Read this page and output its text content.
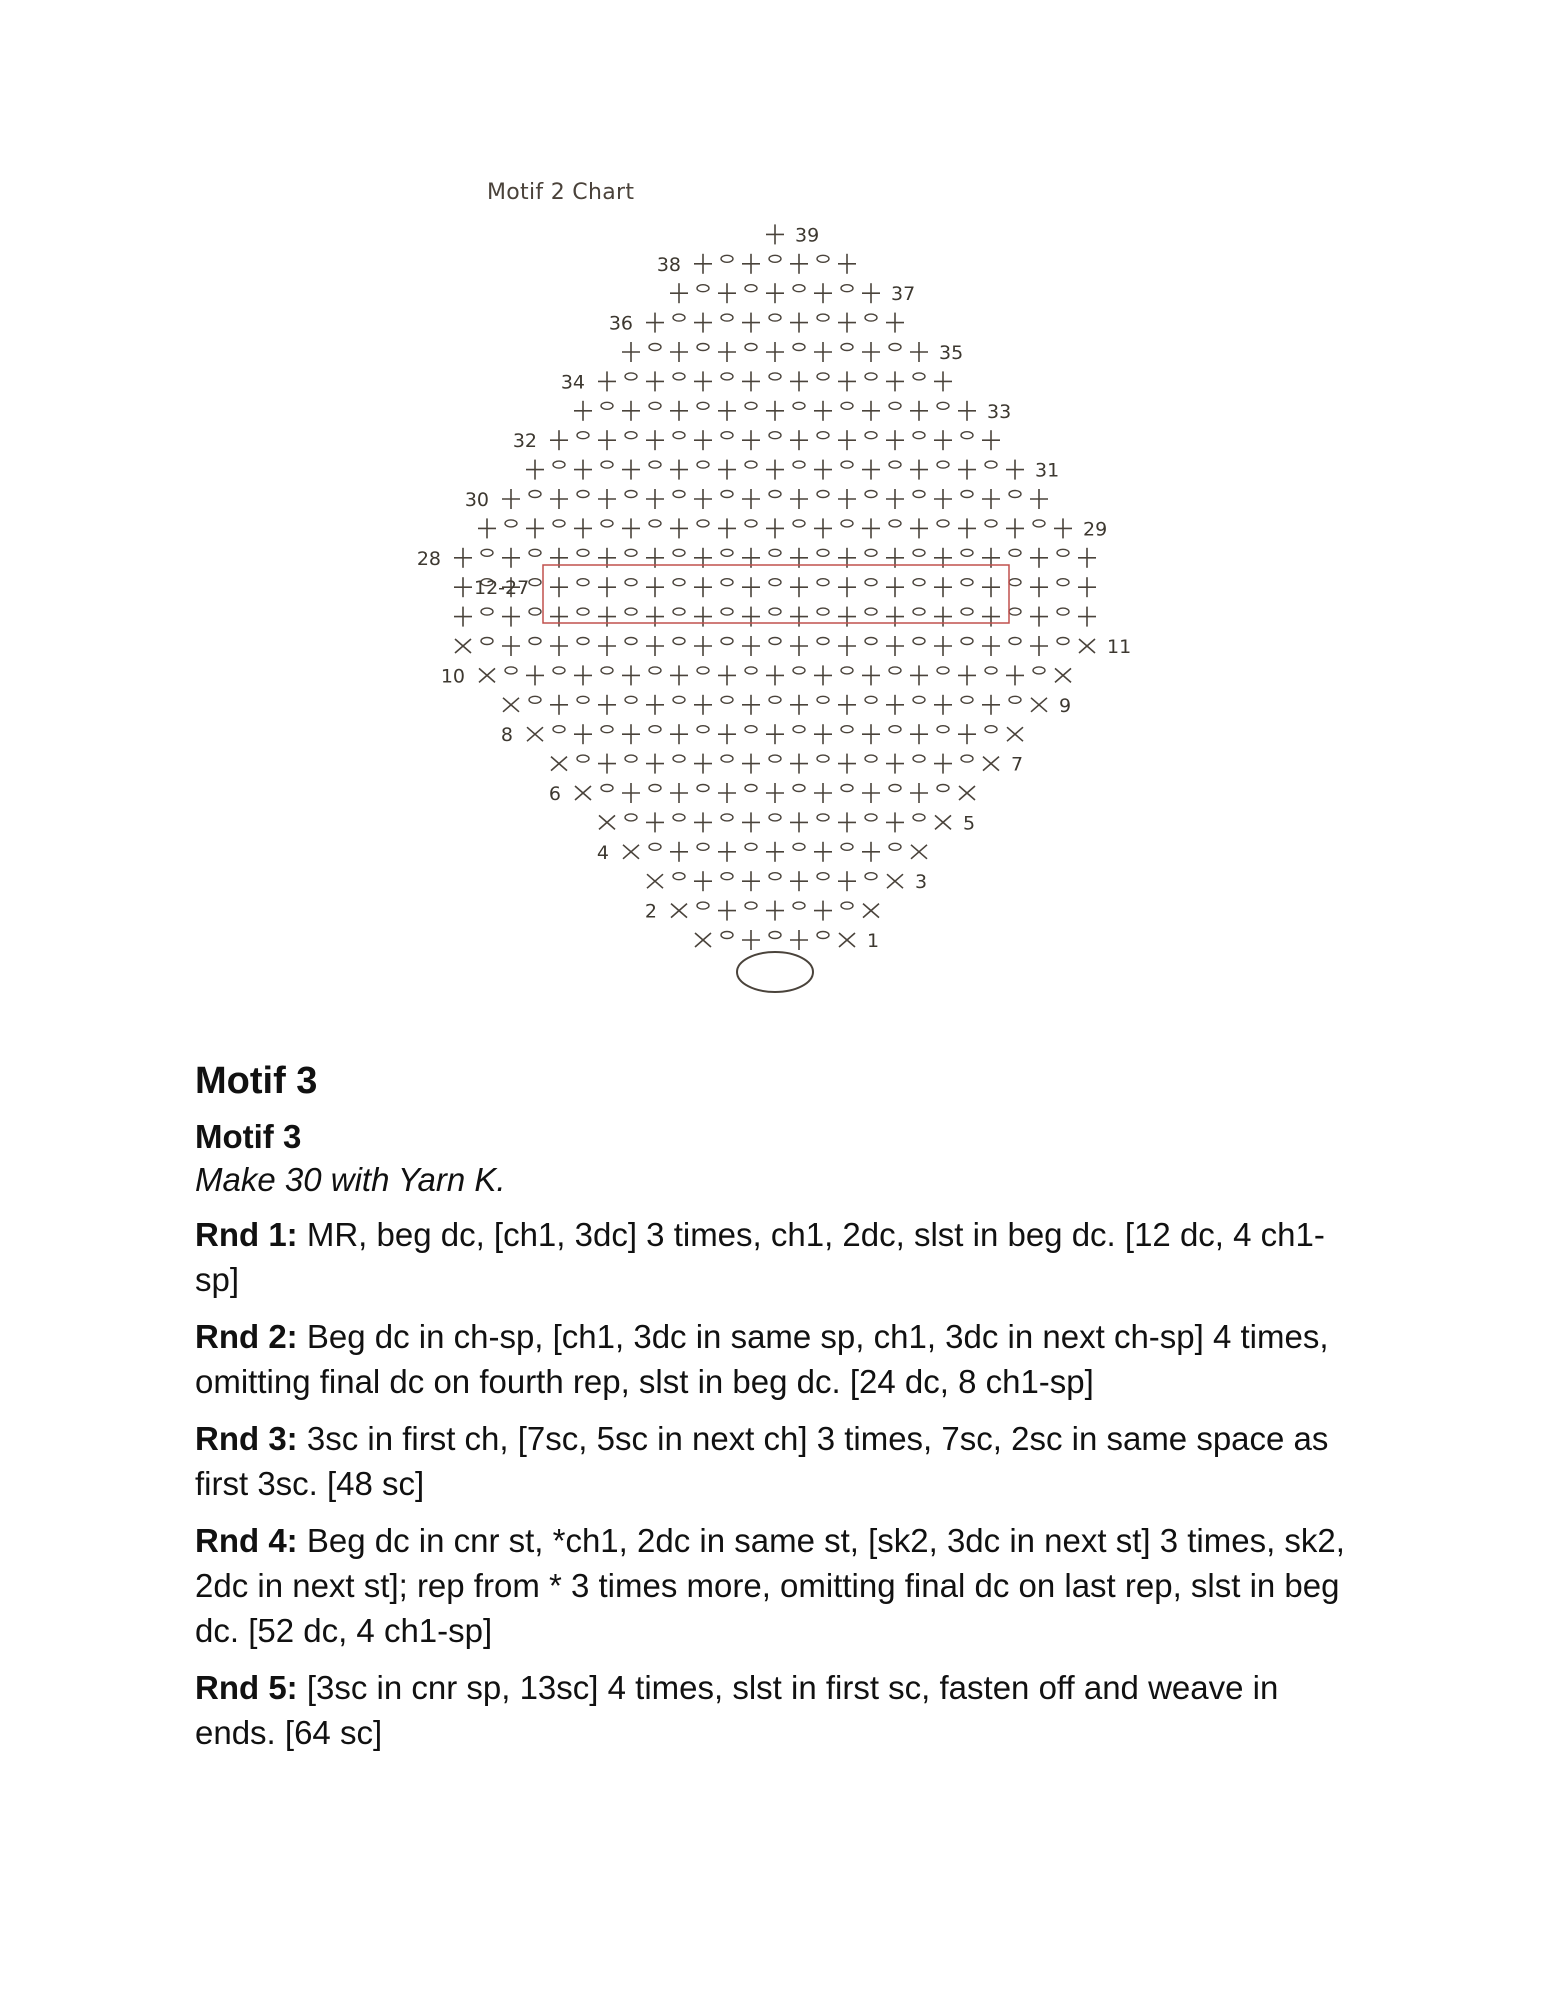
Motif 2 Chart
1
2
3
4
5
6
7
8
9
10
11
28
29
30
31
32
33
34
35
36
37
38
39
12-27
Motif 3
Motif 3
Make 30 with Yarn K.
Rnd 1: MR, beg dc, [ch1, 3dc] 3 times, ch1, 2dc, slst in beg dc. [12 dc, 4 ch1-sp]
Rnd 2: Beg dc in ch-sp, [ch1, 3dc in same sp, ch1, 3dc in next ch-sp] 4 times, omitting final dc on fourth rep, slst in beg dc. [24 dc, 8 ch1-sp]
Rnd 3: 3sc in first ch, [7sc, 5sc in next ch] 3 times, 7sc, 2sc in same space as first 3sc. [48 sc]
Rnd 4: Beg dc in cnr st, *ch1, 2dc in same st, [sk2, 3dc in next st] 3 times, sk2, 2dc in next st]; rep from * 3 times more, omitting final dc on last rep, slst in beg dc. [52 dc, 4 ch1-sp]
Rnd 5: [3sc in cnr sp, 13sc] 4 times, slst in first sc, fasten off and weave in ends. [64 sc]
